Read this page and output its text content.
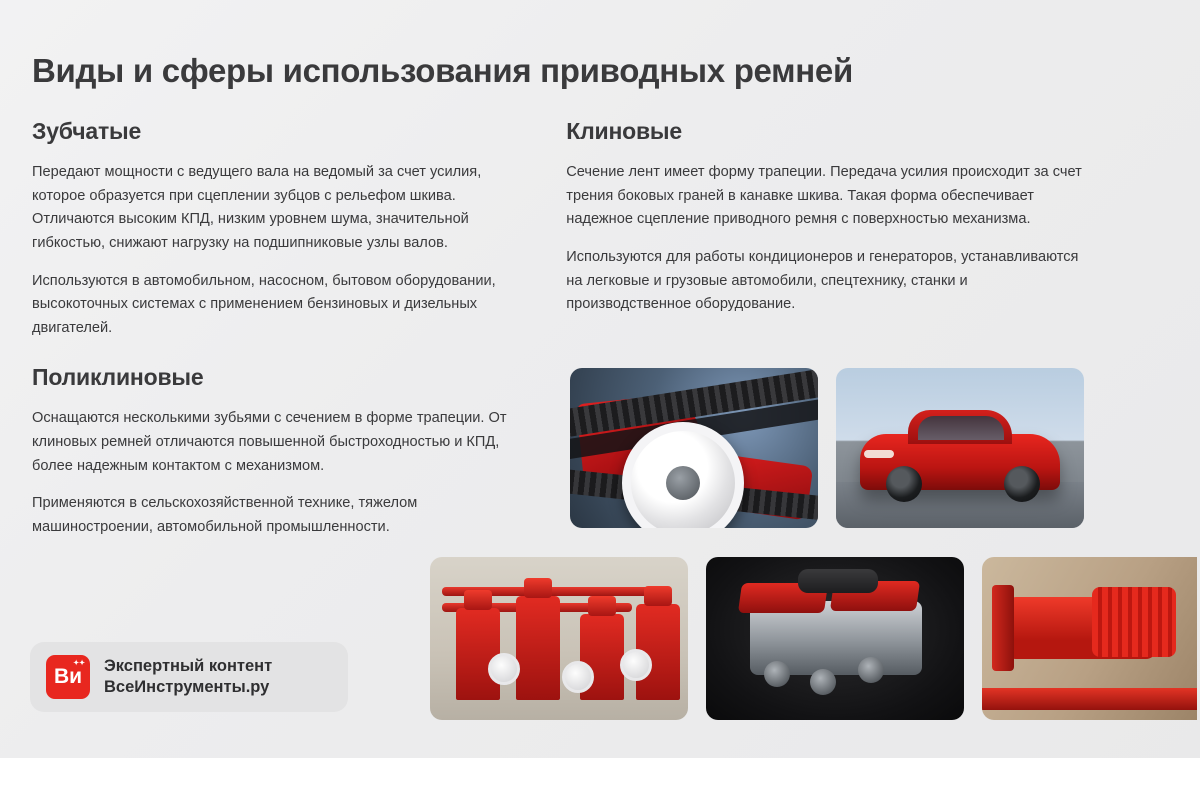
Виды и сферы использования приводных ремней
Зубчатые

Передают мощности с ведущего вала на ведомый за счет усилия, которое образуется при сцеплении зубцов с рельефом шкива. Отличаются высоким КПД, низким уровнем шума, значительной гибкостью, снижают нагрузку на подшипниковые узлы валов.

Используются в автомобильном, насосном, бытовом оборудовании, высокоточных системах с применением бензиновых и дизельных двигателей.

Клиновые

Сечение лент имеет форму трапеции. Передача усилия происходит за счет трения боковых граней в канавке шкива. Такая форма обеспечивает надежное сцепление приводного ремня с поверхностью механизма.

Используются для работы кондиционеров и генераторов, устанавливаются на легковые и грузовые автомобили, спецтехнику, станки и производственное оборудование.

Поликлиновые

Оснащаются несколькими зубьями с сечением в форме трапеции. От клиновых ремней отличаются повышенной быстроходностью и КПД, более надежным контактом с механизмом.

Применяются в сельскохозяйственной технике, тяжелом машиностроении, автомобильной промышленности.

✦✦
Ви Экспертный контент
ВсеИнструменты.ру
